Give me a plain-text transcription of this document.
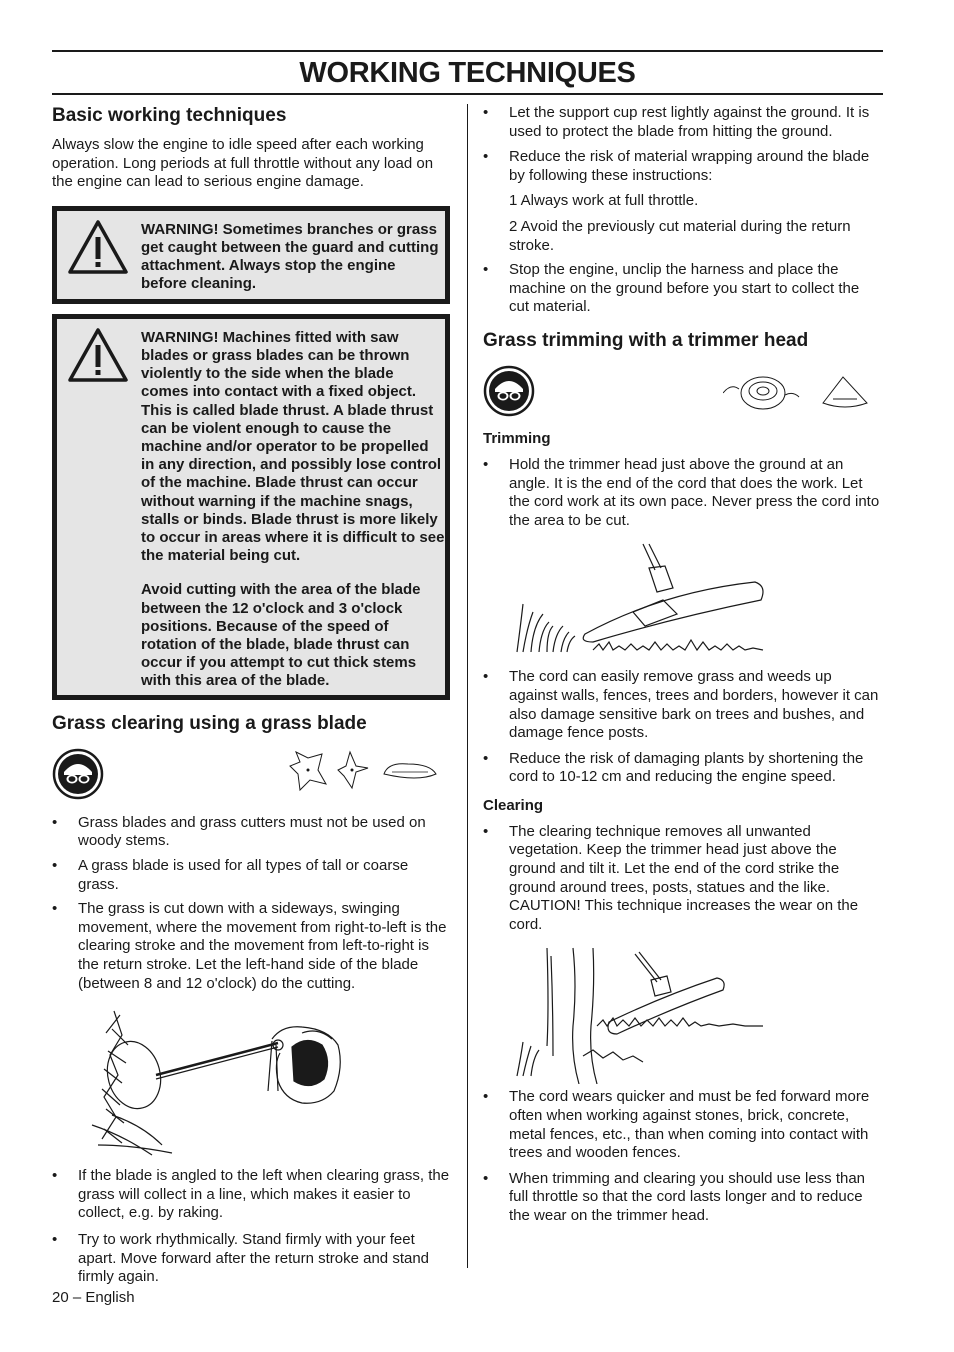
WORKING TECHNIQUES
Basic working techniques

Always slow the engine to idle speed after each working operation. Long periods at full throttle without any load on the engine can lead to serious engine damage.

WARNING! Sometimes branches or grass get caught between the guard and cutting attachment. Always stop the engine before cleaning.

WARNING! Machines fitted with saw blades or grass blades can be thrown violently to the side when the blade comes into contact with a fixed object. This is called blade thrust. A blade thrust can be violent enough to cause the machine and/or operator to be propelled in any direction, and possibly lose control of the machine. Blade thrust can occur without warning if the machine snags, stalls or binds. Blade thrust is more likely to occur in areas where it is difficult to see the material being cut.

Avoid cutting with the area of the blade between the 12 o'clock and 3 o'clock positions. Because of the speed of rotation of the blade, blade thrust can occur if you attempt to cut thick stems with this area of the blade.

Grass clearing using a grass blade
• Grass blades and grass cutters must not be used on woody stems.
• A grass blade is used for all types of tall or coarse grass.
• The grass is cut down with a sideways, swinging movement, where the movement from right-to-left is the clearing stroke and the movement from left-to-right is the return stroke. Let the left-hand side of the blade (between 8 and 12 o'clock) do the cutting.
• If the blade is angled to the left when clearing grass, the grass will collect in a line, which makes it easier to collect, e.g. by raking.
• Try to work rhythmically. Stand firmly with your feet apart. Move forward after the return stroke and stand firmly again.
• Let the support cup rest lightly against the ground. It is used to protect the blade from hitting the ground.
• Reduce the risk of material wrapping around the blade by following these instructions:
1 Always work at full throttle.
2 Avoid the previously cut material during the return stroke.
• Stop the engine, unclip the harness and place the machine on the ground before you start to collect the cut material.
Grass trimming with a trimmer head
Trimming
• Hold the trimmer head just above the ground at an angle. It is the end of the cord that does the work. Let the cord work at its own pace. Never press the cord into the area to be cut.
• The cord can easily remove grass and weeds up against walls, fences, trees and borders, however it can also damage sensitive bark on trees and bushes, and damage fence posts.
• Reduce the risk of damaging plants by shortening the cord to 10-12 cm and reducing the engine speed.
Clearing
• The clearing technique removes all unwanted vegetation. Keep the trimmer head just above the ground and tilt it. Let the end of the cord strike the ground around trees, posts, statues and the like. CAUTION! This technique increases the wear on the cord.
• The cord wears quicker and must be fed forward more often when working against stones, brick, concrete, metal fences, etc., than when coming into contact with trees and wooden fences.
• When trimming and clearing you should use less than full throttle so that the cord lasts longer and to reduce the wear on the trimmer head.
20 – English
